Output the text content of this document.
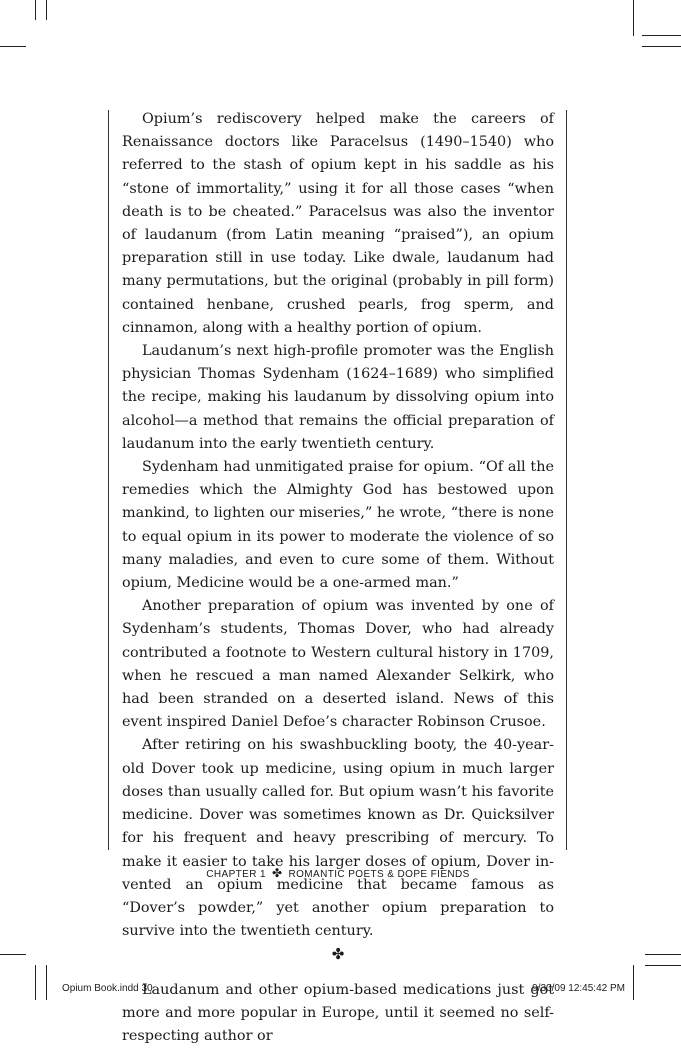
Opium’s rediscovery helped make the careers of Renaissance doctors like Paracelsus (1490–1540) who referred to the stash of opium kept in his saddle as his “stone of immortality,” using it for all those cases “when death is to be cheated.” Paracelsus was also the inventor of laudanum (from Latin meaning “praised”), an opium preparation still in use today. Like dwale, laudanum had many permutations, but the original (probably in pill form) contained henbane, crushed pearls, frog sperm, and cinnamon, along with a healthy portion of opium.

Laudanum’s next high-profile promoter was the English physician Thomas Sydenham (1624–1689) who simplified the recipe, making his laudanum by dissolving opium into alcohol—a method that remains the official preparation of laudanum into the early twentieth century.

Sydenham had unmitigated praise for opium. “Of all the remedies which the Almighty God has bestowed upon mankind, to lighten our miseries,” he wrote, “there is none to equal opium in its power to moderate the violence of so many maladies, and even to cure some of them. Without opium, Medicine would be a one-armed man.”

Another preparation of opium was invented by one of Sydenham’s students, Thomas Dover, who had already contributed a footnote to Western cultural history in 1709, when he rescued a man named Alexander Selkirk, who had been stranded on a deserted island. News of this event inspired Daniel Defoe’s character Robinson Crusoe.

After retiring on his swashbuckling booty, the 40-year-old Dover took up medicine, using opium in much larger doses than usually called for. But opium wasn’t his favorite medicine. Dover was sometimes known as Dr. Quicksilver for his frequent and heavy prescribing of mercury. To make it easier to take his larger doses of opium, Dover invented an opium medicine that became famous as “Dover’s powder,” yet another opium preparation to survive into the twentieth century.

✤

Laudanum and other opium-based medications just got more and more popular in Europe, until it seemed no self-respecting author or

CHAPTER 1 ✤ ROMANTIC POETS & DOPE FIENDS
Opium Book.indd 30	9/30/09 12:45:42 PM
